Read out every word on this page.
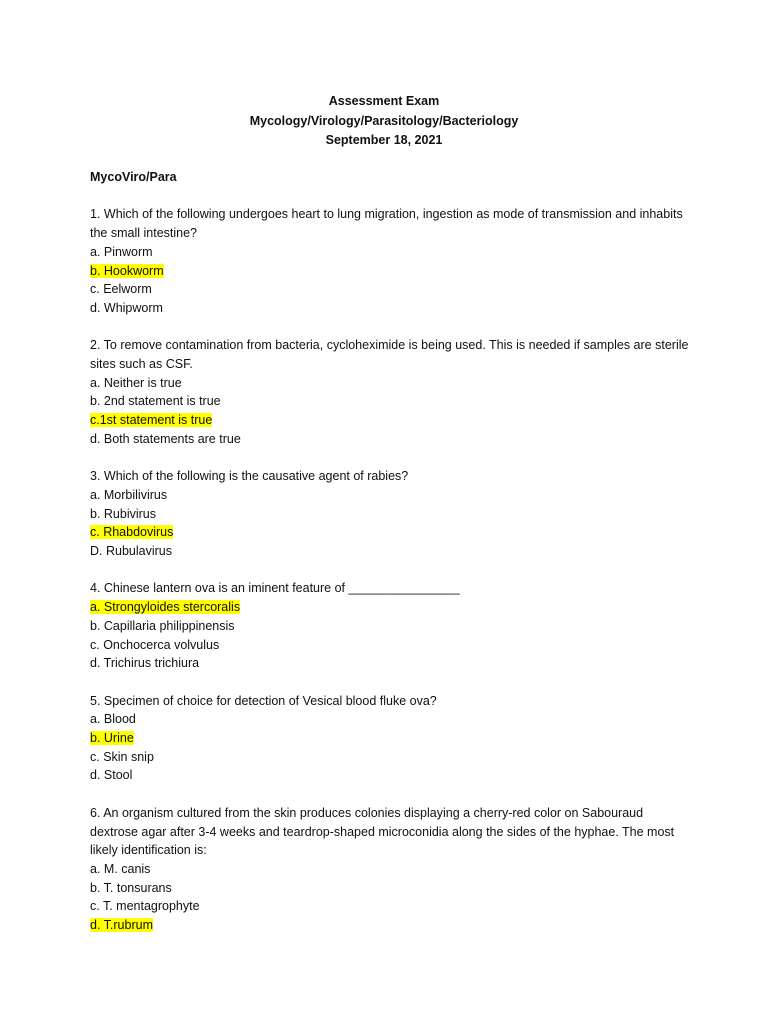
Assessment Exam
Mycology/Virology/Parasitology/Bacteriology
September 18, 2021
MycoViro/Para
1. Which of the following undergoes heart to lung migration, ingestion as mode of transmission and inhabits the small intestine?
a. Pinworm
b. Hookworm
c. Eelworm
d. Whipworm
2. To remove contamination from bacteria, cycloheximide is being used. This is needed if samples are sterile sites such as CSF.
a. Neither is true
b. 2nd statement is true
c.1st statement is true
d. Both statements are true
3. Which of the following is the causative agent of rabies?
a. Morbilivirus
b. Rubivirus
c. Rhabdovirus
D. Rubulavirus
4. Chinese lantern ova is an iminent feature of ________________
a. Strongyloides stercoralis
b. Capillaria philippinensis
c. Onchocerca volvulus
d. Trichirus trichiura
5. Specimen of choice for detection of Vesical blood fluke ova?
a. Blood
b. Urine
c. Skin snip
d. Stool
6. An organism cultured from the skin produces colonies displaying a cherry-red color on Sabouraud dextrose agar after 3-4 weeks and teardrop-shaped microconidia along the sides of the hyphae. The most likely identification is:
a. M. canis
b. T. tonsurans
c. T. mentagrophyte
d. T.rubrum
